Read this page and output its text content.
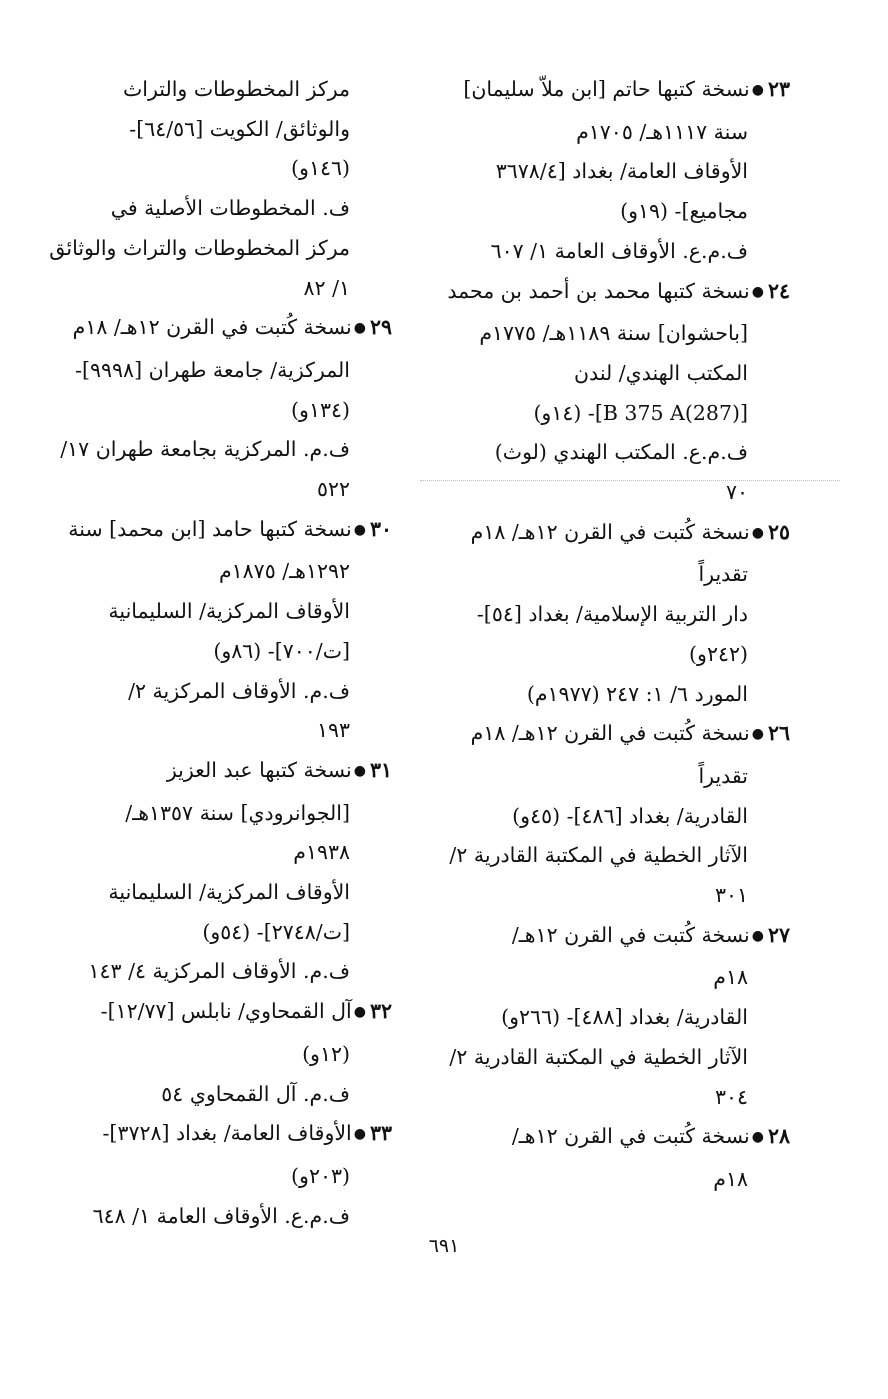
٢٣●نسخة كتبها حاتم [ابن ملاّ سليمان]
سنة ١١١٧هـ/ ١٧٠٥م
الأوقاف العامة/ بغداد [٣٦٧٨/٤
مجاميع]- (١٩و)
ف.م.ع. الأوقاف العامة ١/ ٦٠٧
٢٤●نسخة كتبها محمد بن أحمد بن محمد
[باحشوان] سنة ١١٨٩هـ/ ١٧٧٥م
المكتب الهندي/ لندن
[(287)B 375 A]- (١٤و)
ف.م.ع. المكتب الهندي (لوث)
٧٠
٢٥●نسخة كُتبت في القرن ١٢هـ/ ١٨م
تقديراً
دار التربية الإسلامية/ بغداد [٥٤]-
(٢٤٢و)
المورد ٦/ ١: ٢٤٧ (١٩٧٧م)
٢٦●نسخة كُتبت في القرن ١٢هـ/ ١٨م
تقديراً
القادرية/ بغداد [٤٨٦]- (٤٥و)
الآثار الخطية في المكتبة القادرية ٢/
٣٠١
٢٧●نسخة كُتبت في القرن ١٢هـ/
١٨م
القادرية/ بغداد [٤٨٨]- (٢٦٦و)
الآثار الخطية في المكتبة القادرية ٢/
٣٠٤
٢٨●نسخة كُتبت في القرن ١٢هـ/
١٨م
مركز المخطوطات والتراث
والوثائق/ الكويت [٦٤/٥٦]-
(١٤٦و)
ف. المخطوطات الأصلية في
مركز المخطوطات والتراث والوثائق
١/ ٨٢
٢٩●نسخة كُتبت في القرن ١٢هـ/ ١٨م
المركزية/ جامعة طهران [٩٩٩٨]-
(١٣٤و)
ف.م. المركزية بجامعة طهران ١٧/
٥٢٢
٣٠●نسخة كتبها حامد [ابن محمد] سنة
١٢٩٢هـ/ ١٨٧٥م
الأوقاف المركزية/ السليمانية
[ت/٧٠٠]- (٨٦و)
ف.م. الأوقاف المركزية ٢/
١٩٣
٣١●نسخة كتبها عبد العزيز
[الجوانرودي] سنة ١٣٥٧هـ/
١٩٣٨م
الأوقاف المركزية/ السليمانية
[ت/٢٧٤٨]- (٥٤و)
ف.م. الأوقاف المركزية ٤/ ١٤٣
٣٢●آل القمحاوي/ نابلس [١٢/٧٧]-
(١٢و)
ف.م. آل القمحاوي ٥٤
٣٣●الأوقاف العامة/ بغداد [٣٧٢٨]-
(٢٠٣و)
ف.م.ع. الأوقاف العامة ١/ ٦٤٨
٦٩١
